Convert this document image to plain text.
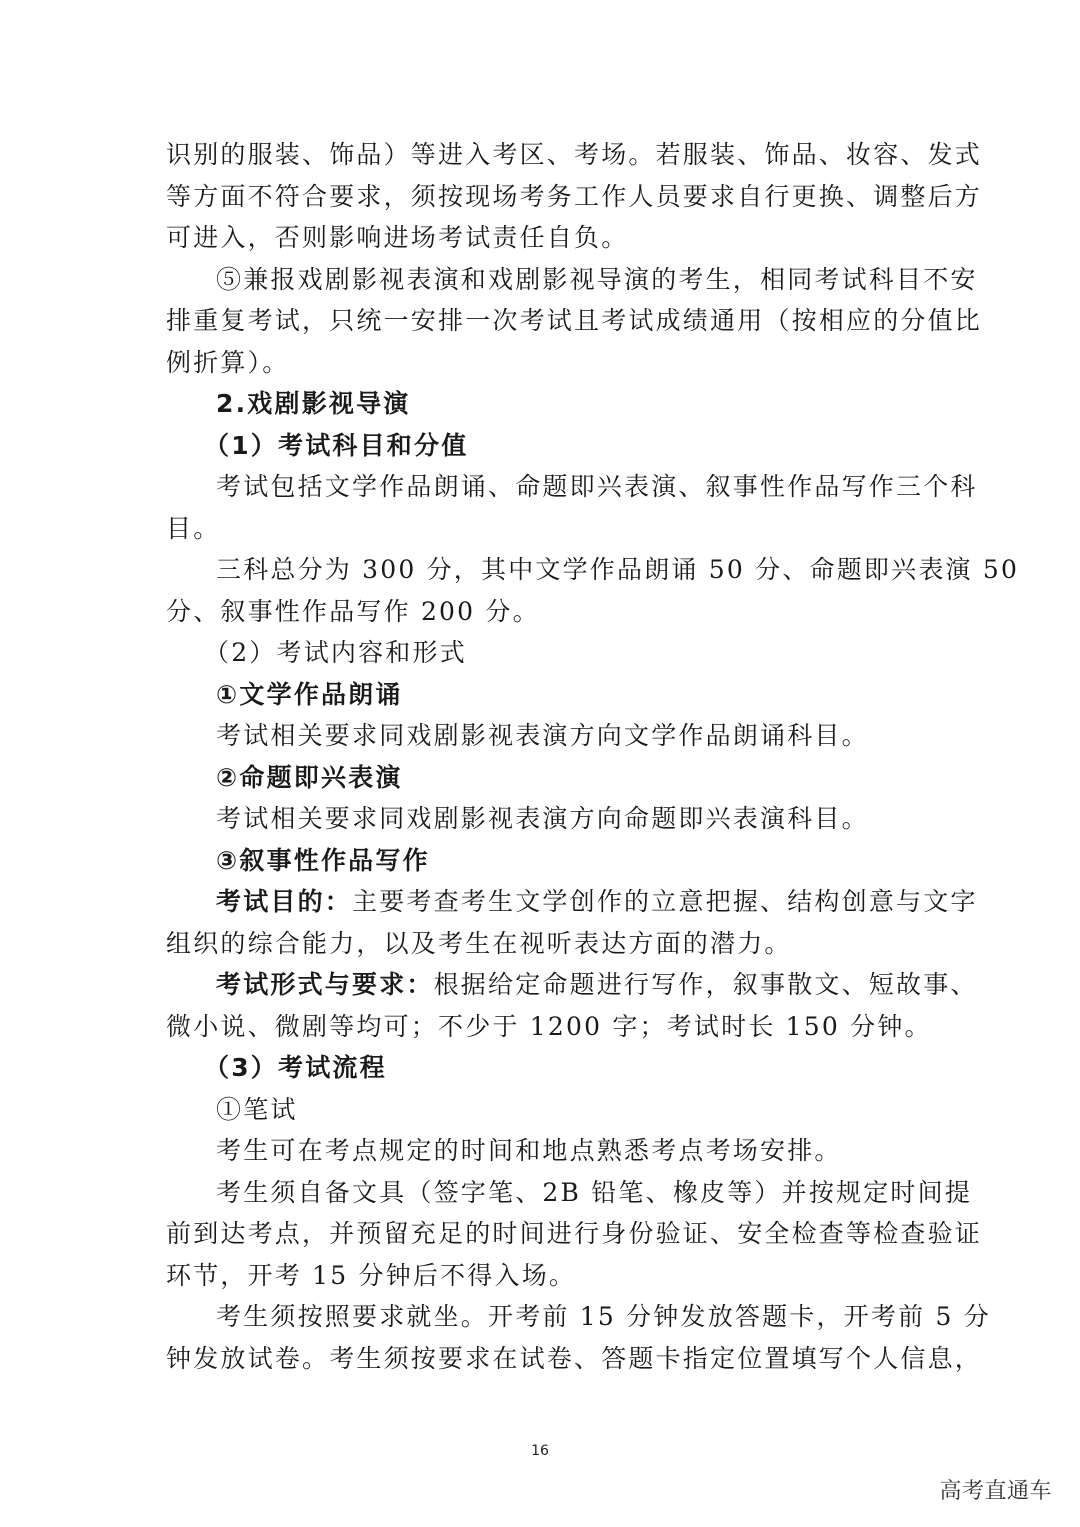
识别的服装、饰品）等进入考区、考场。若服装、饰品、妆容、发式
等方面不符合要求，须按现场考务工作人员要求自行更换、调整后方
可进入，否则影响进场考试责任自负。
⑤兼报戏剧影视表演和戏剧影视导演的考生，相同考试科目不安
排重复考试，只统一安排一次考试且考试成绩通用（按相应的分值比
例折算）。
2.戏剧影视导演
（1）考试科目和分值
考试包括文学作品朗诵、命题即兴表演、叙事性作品写作三个科
目。
三科总分为 300 分，其中文学作品朗诵 50 分、命题即兴表演 50
分、叙事性作品写作 200 分。
（2）考试内容和形式
①文学作品朗诵
考试相关要求同戏剧影视表演方向文学作品朗诵科目。
②命题即兴表演
考试相关要求同戏剧影视表演方向命题即兴表演科目。
③叙事性作品写作
考试目的：主要考查考生文学创作的立意把握、结构创意与文字
组织的综合能力，以及考生在视听表达方面的潜力。
考试形式与要求：根据给定命题进行写作，叙事散文、短故事、
微小说、微剧等均可；不少于 1200 字；考试时长 150 分钟。
（3）考试流程
①笔试
考生可在考点规定的时间和地点熟悉考点考场安排。
考生须自备文具（签字笔、2B 铅笔、橡皮等）并按规定时间提
前到达考点，并预留充足的时间进行身份验证、安全检查等检查验证
环节，开考 15 分钟后不得入场。
考生须按照要求就坐。开考前 15 分钟发放答题卡，开考前 5 分
钟发放试卷。考生须按要求在试卷、答题卡指定位置填写个人信息，
16
高考直通车
